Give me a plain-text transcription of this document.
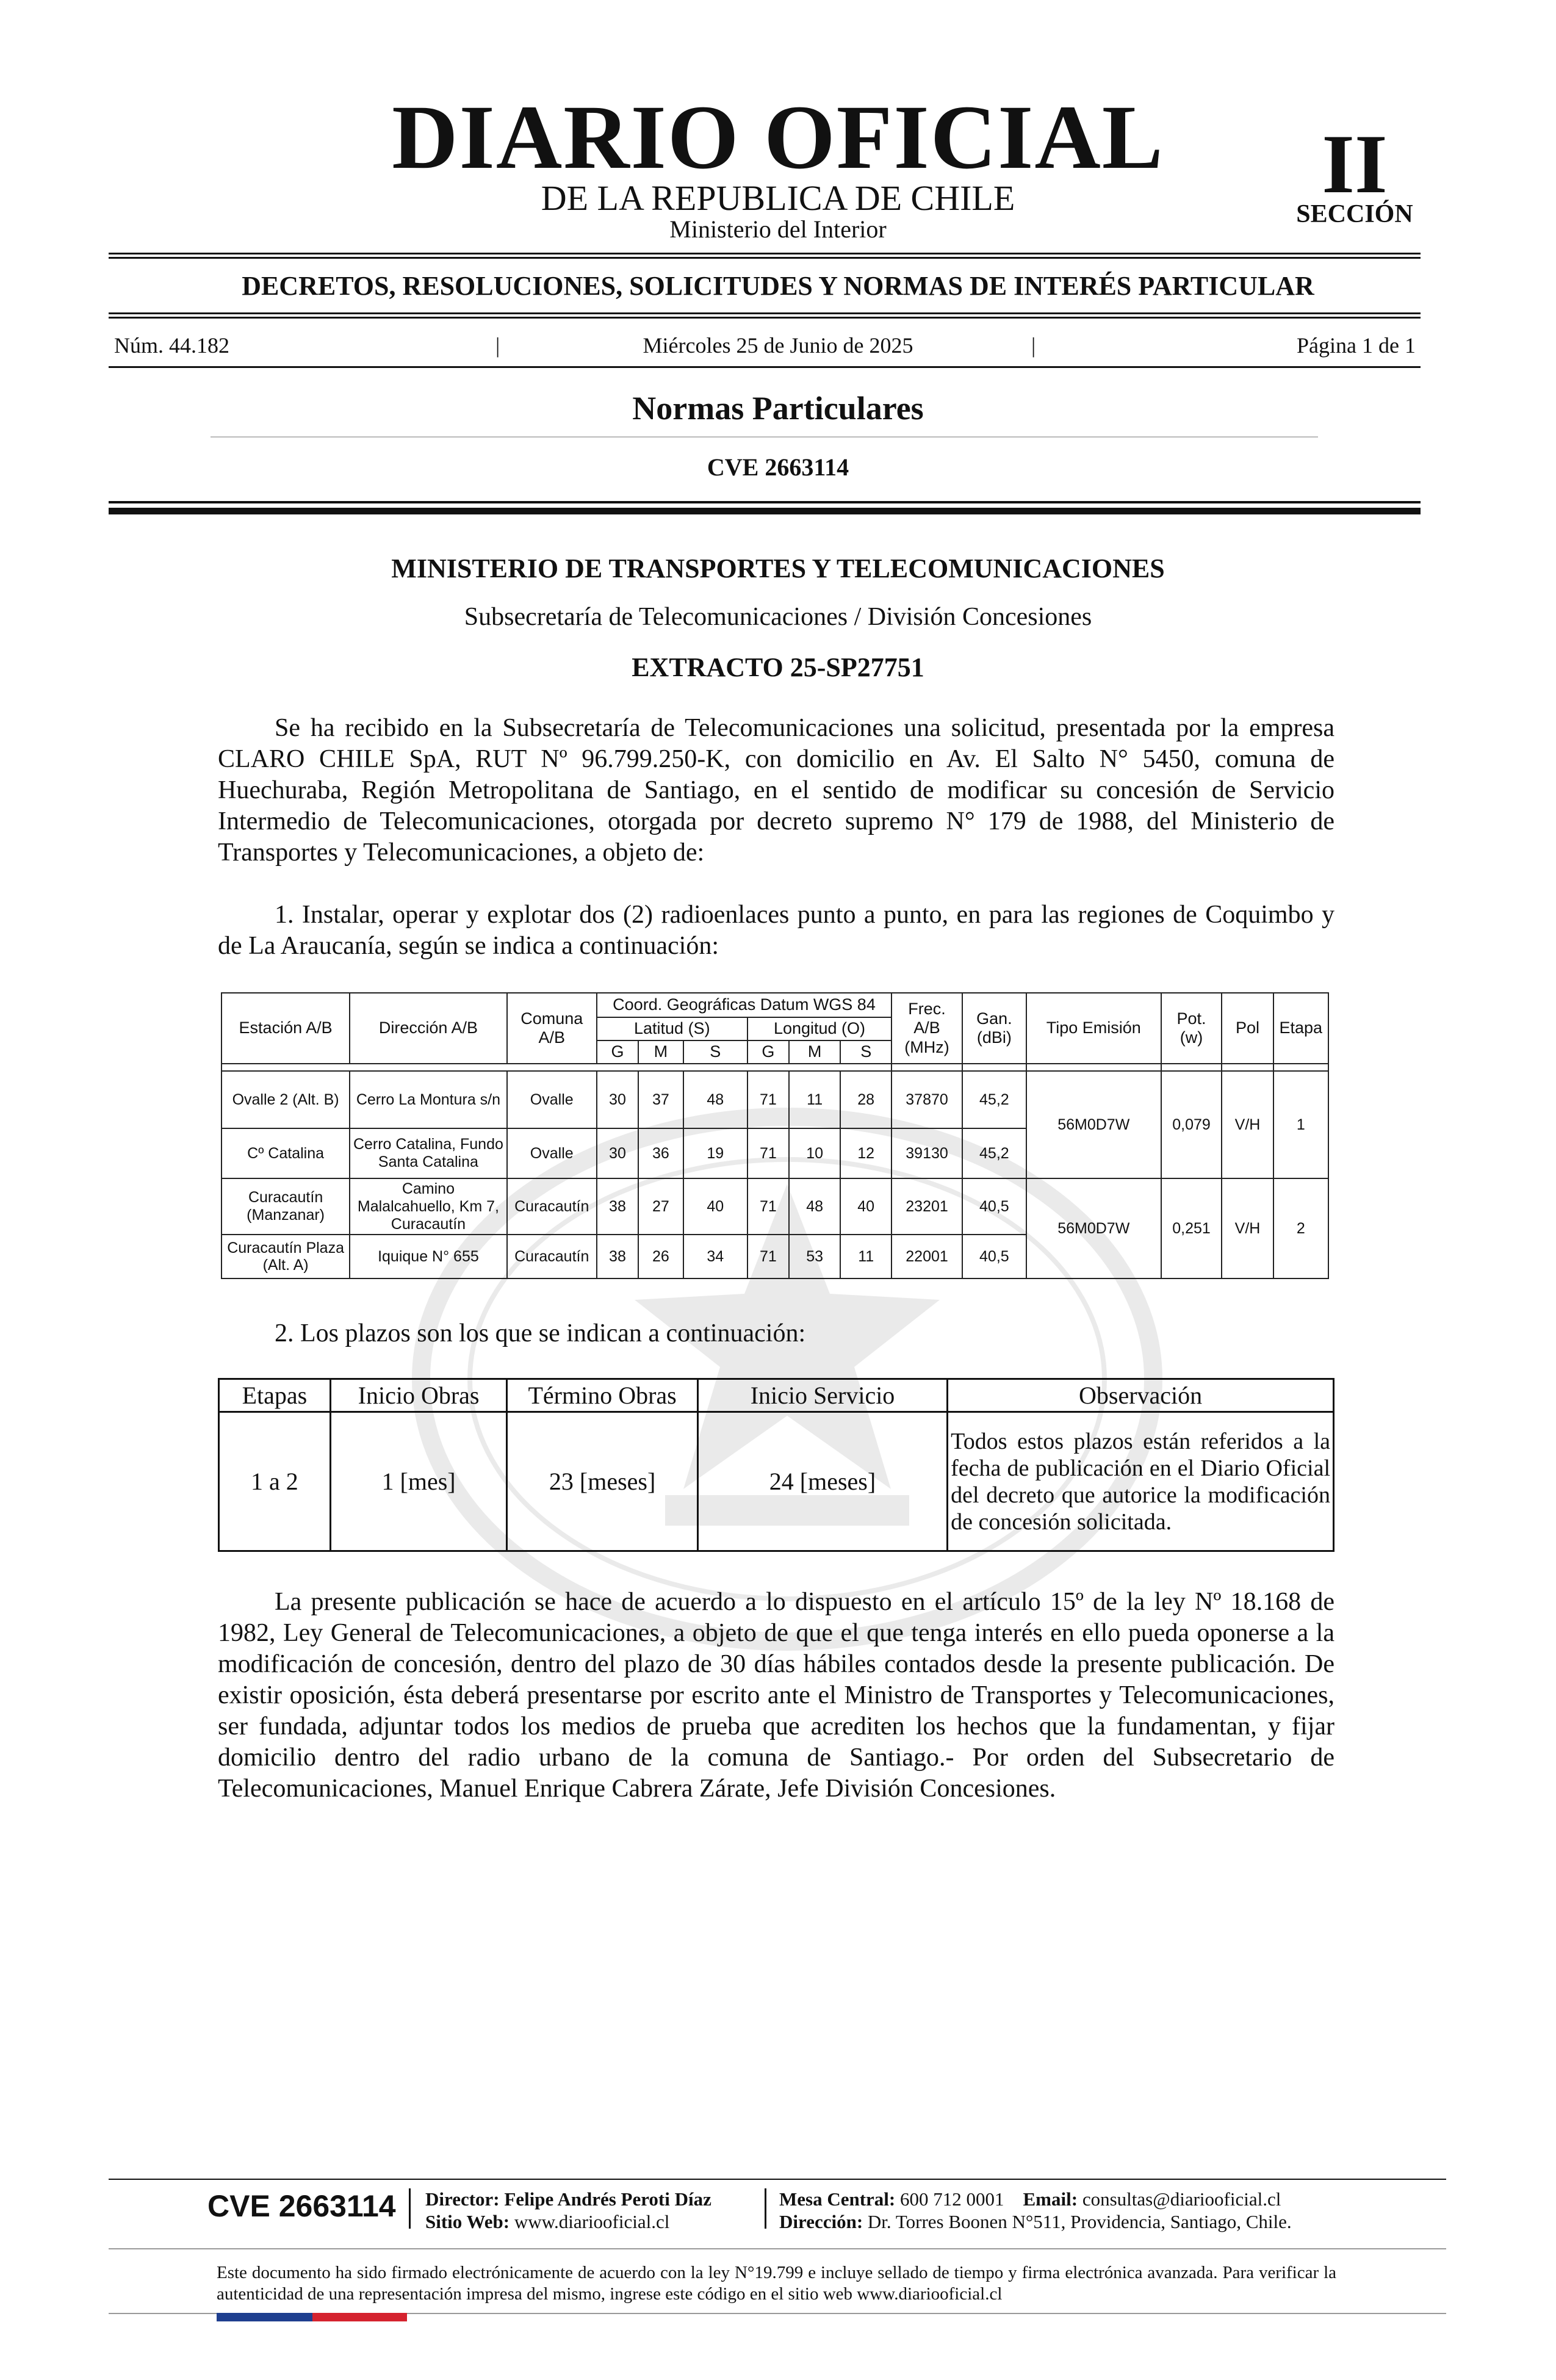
DIARIO OFICIAL
DE LA REPUBLICA DE CHILE
Ministerio del Interior
II
SECCIÓN
DECRETOS, RESOLUCIONES, SOLICITUDES Y NORMAS DE INTERÉS PARTICULAR
Núm. 44.182	|	Miércoles 25 de Junio de 2025	|	Página 1 de 1
Normas Particulares
CVE 2663114
MINISTERIO DE TRANSPORTES Y TELECOMUNICACIONES
Subsecretaría de Telecomunicaciones / División Concesiones
EXTRACTO 25-SP27751

Se ha recibido en la Subsecretaría de Telecomunicaciones una solicitud, presentada por la empresa CLARO CHILE SpA, RUT Nº 96.799.250-K, con domicilio en Av. El Salto N° 5450, comuna de Huechuraba, Región Metropolitana de Santiago, en el sentido de modificar su concesión de Servicio Intermedio de Telecomunicaciones, otorgada por decreto supremo N° 179 de 1988, del Ministerio de Transportes y Telecomunicaciones, a objeto de:

1. Instalar, operar y explotar dos (2) radioenlaces punto a punto, en para las regiones de Coquimbo y de La Araucanía, según se indica a continuación:

Estación A/B	Dirección A/B	Comuna A/B	Coord. Geográficas Datum WGS 84						Frec. A/B (MHz)	Gan. (dBi)	Tipo Emisión	Pot. (w)	Pol	Etapa
			Latitud (S)			Longitud (O)								
			G	M	S	G	M	S						

Ovalle 2 (Alt. B)	Cerro La Montura s/n	Ovalle	30	37	48	71	11	28	37870	45,2	56M0D7W	0,079	V/H	1
Cº Catalina	Cerro Catalina, Fundo Santa Catalina	Ovalle	30	36	19	71	10	12	39130	45,2				
Curacautín (Manzanar)	Camino Malalcahuello, Km 7, Curacautín	Curacautín	38	27	40	71	48	40	23201	40,5	56M0D7W	0,251	V/H	2
Curacautín Plaza (Alt. A)	Iquique N° 655	Curacautín	38	26	34	71	53	11	22001	40,5				

2. Los plazos son los que se indican a continuación:

Etapas	Inicio Obras	Término Obras	Inicio Servicio	Observación
1 a 2	1 [mes]	23 [meses]	24 [meses]	Todos estos plazos están referidos a la fecha de publicación en el Diario Oficial del decreto que autorice la modificación de concesión solicitada.

La presente publicación se hace de acuerdo a lo dispuesto en el artículo 15º de la ley Nº 18.168 de 1982, Ley General de Telecomunicaciones, a objeto de que el que tenga interés en ello pueda oponerse a la modificación de concesión, dentro del plazo de 30 días hábiles contados desde la presente publicación. De existir oposición, ésta deberá presentarse por escrito ante el Ministro de Transportes y Telecomunicaciones, ser fundada, adjuntar todos los medios de prueba que acrediten los hechos que la fundamentan, y fijar domicilio dentro del radio urbano de la comuna de Santiago.- Por orden del Subsecretario de Telecomunicaciones, Manuel Enrique Cabrera Zárate, Jefe División Concesiones.

CVE 2663114 Director: Felipe Andrés Peroti Díaz
Sitio Web: www.diariooficial.cl
Mesa Central: 600 712 0001 Email: consultas@diariooficial.cl
Dirección: Dr. Torres Boonen N°511, Providencia, Santiago, Chile.
Este documento ha sido firmado electrónicamente de acuerdo con la ley N°19.799 e incluye sellado de tiempo y firma electrónica avanzada. Para verificar la autenticidad de una representación impresa del mismo, ingrese este código en el sitio web www.diariooficial.cl
